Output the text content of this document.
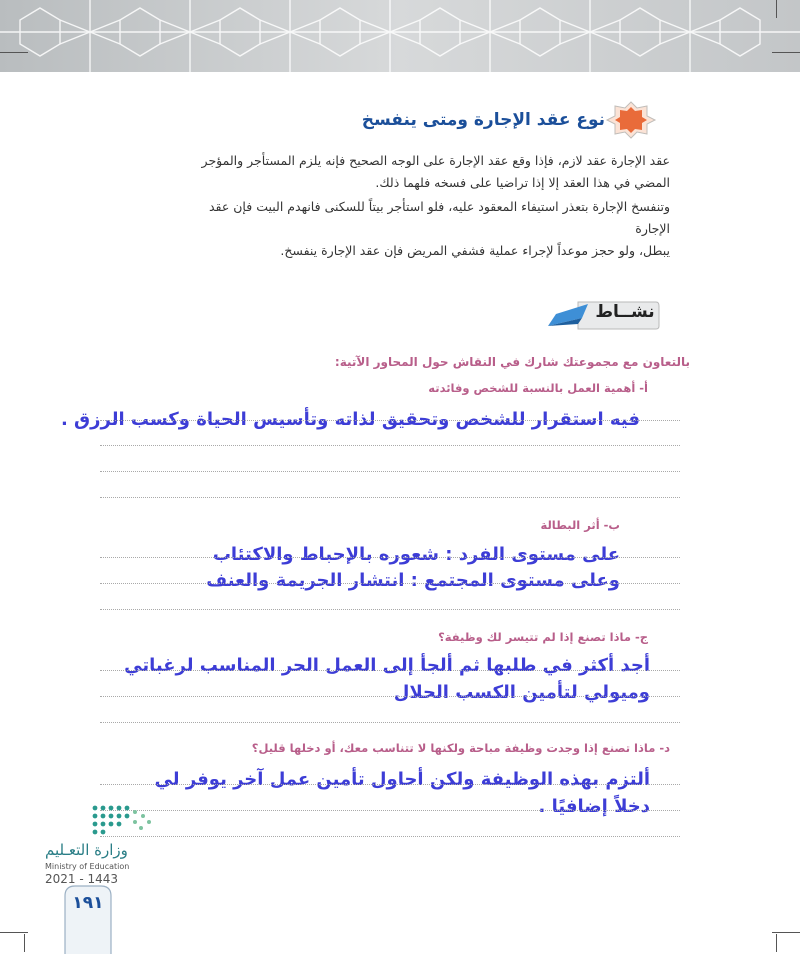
نوع عقد الإجارة ومتى ينفسخ
عقد الإجارة عقد لازم، فإذا وقع عقد الإجارة على الوجه الصحيح فإنه يلزم المستأجر والمؤجر
المضي في هذا العقد إلا إذا تراضيا على فسخه فلهما ذلك.
وتنفسخ الإجارة بتعذر استيفاء المعقود عليه، فلو استأجر بيتاً للسكنى فانهدم البيت فإن عقد الإجارة
يبطل، ولو حجز موعداً لإجراء عملية فشفي المريض فإن عقد الإجارة ينفسخ.
نشــاط
بالتعاون مع مجموعتك شارك في النقاش حول المحاور الآتية:
أ- أهمية العمل بالنسبة للشخص وفائدته
فيه استقرار للشخص وتحقيق لذاته وتأسيس الحياة وكسب الرزق .
ب- أثر البطالة
على مستوى الفرد : شعوره بالإحباط والاكتئاب
وعلى مستوى المجتمع : انتشار الجريمة والعنف
ج- ماذا تصنع إذا لم تتيسر لك وظيفة؟
أجد أكثر في طلبها ثم ألجأ إلى العمل الحر المناسب لرغباتي
وميولي لتأمين الكسب الحلال
د- ماذا تصنع إذا وجدت وظيفة مباحة ولكنها لا تتناسب معك، أو دخلها قليل؟
ألتزم بهذه الوظيفة ولكن أحاول تأمين عمل آخر يوفر لي
دخلاً إضافيًا .
وزارة التعـليم
Ministry of Education
2021 - 1443
١٩١
